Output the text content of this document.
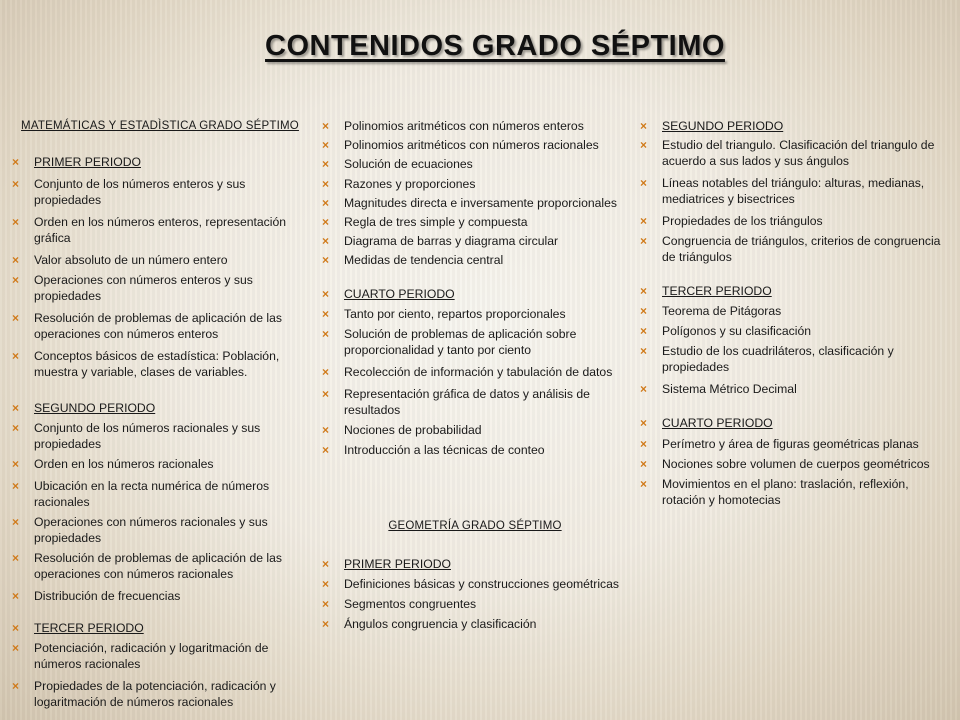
CONTENIDOS GRADO SÉPTIMO
MATEMÁTICAS Y ESTADÌSTICA GRADO SÉPTIMO
× PRIMER PERIODO
× Conjunto de los números enteros y sus propiedades
× Orden en los números enteros, representación gráfica
× Valor absoluto de un número entero
× Operaciones con números enteros y sus propiedades
× Resolución de problemas de aplicación de las operaciones con números enteros
× Conceptos básicos de estadística: Población, muestra y variable, clases de variables.
× SEGUNDO PERIODO
× Conjunto de los números racionales y sus propiedades
× Orden en los números racionales
× Ubicación en la recta numérica de números racionales
× Operaciones con números racionales y sus propiedades
× Resolución de problemas de aplicación de las operaciones con números racionales
× Distribución de frecuencias
× TERCER PERIODO
× Potenciación, radicación y logaritmación de números racionales
× Propiedades de la potenciación, radicación y logaritmación de números racionales
× Polinomios aritméticos con números enteros
× Polinomios aritméticos con números racionales
× Solución de ecuaciones
× Razones y proporciones
× Magnitudes directa e inversamente proporcionales
× Regla de tres simple y compuesta
× Diagrama de barras y diagrama circular
× Medidas de tendencia central
× CUARTO PERIODO
× Tanto por ciento, repartos proporcionales
× Solución de problemas de aplicación sobre proporcionalidad y tanto por ciento
× Recolección de información y tabulación de datos
× Representación gráfica de datos y análisis de resultados
× Nociones de probabilidad
× Introducción a las técnicas de conteo
GEOMETRÍA GRADO SÉPTIMO
× PRIMER PERIODO
× Definiciones básicas y construcciones geométricas
× Segmentos congruentes
× Ángulos congruencia y clasificación
× SEGUNDO PERIODO
× Estudio del triangulo. Clasificación del triangulo de acuerdo a sus lados y sus ángulos
× Líneas notables del triángulo: alturas, medianas, mediatrices y bisectrices
× Propiedades de los triángulos
× Congruencia de triángulos, criterios de congruencia de triángulos
× TERCER PERIODO
× Teorema de Pitágoras
× Polígonos y su clasificación
× Estudio de los cuadriláteros, clasificación y propiedades
× Sistema Métrico Decimal
× CUARTO PERIODO
× Perímetro y área de figuras geométricas planas
× Nociones sobre volumen de cuerpos geométricos
× Movimientos en el plano: traslación, reflexión, rotación y homotecias
